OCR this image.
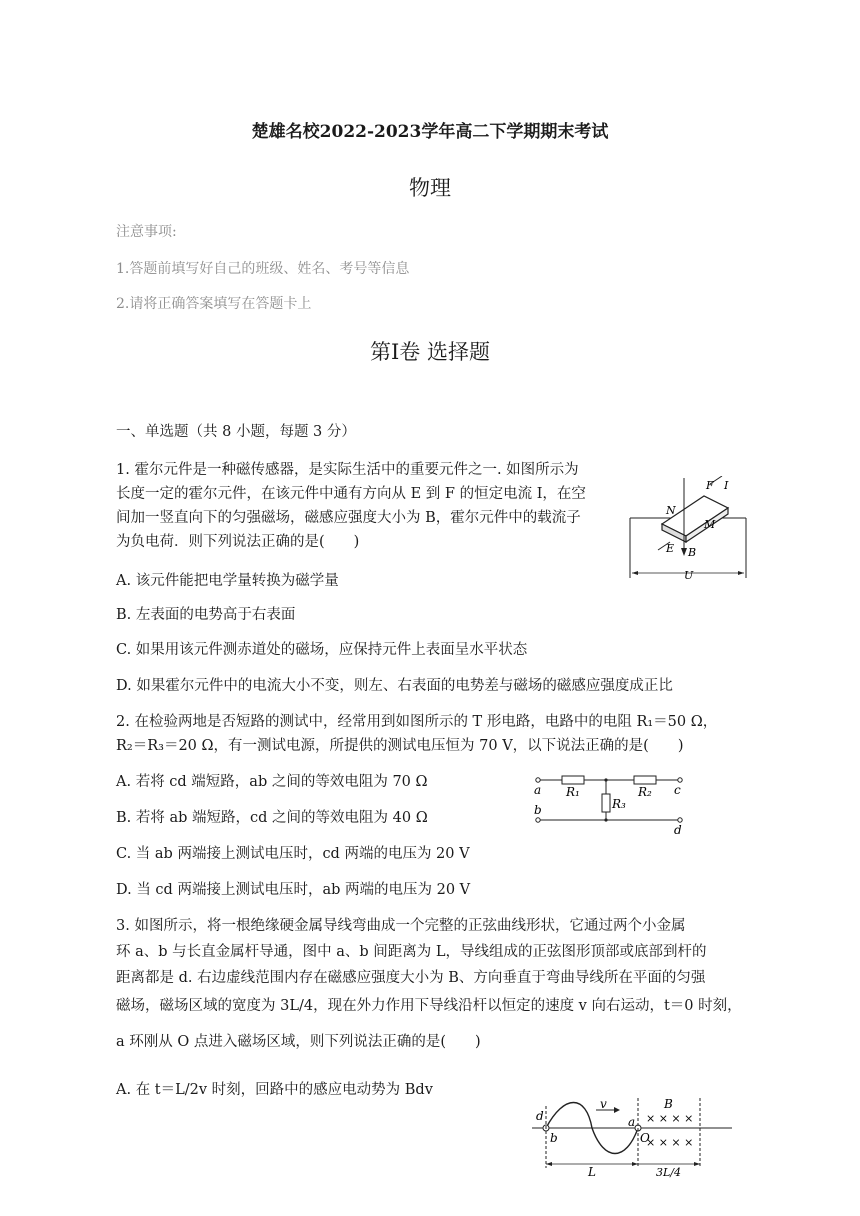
楚雄名校2022-2023学年高二下学期期末考试
物理
注意事项:
1.答题前填写好自己的班级、姓名、考号等信息
2.请将正确答案填写在答题卡上
第Ⅰ卷 选择题
一、单选题（共 8 小题，每题 3 分）
1. 霍尔元件是一种磁传感器，是实际生活中的重要元件之一. 如图所示为
长度一定的霍尔元件，在该元件中通有方向从 E 到 F 的恒定电流 I，在空
间加一竖直向下的匀强磁场，磁感应强度大小为 B，霍尔元件中的载流子
为负电荷．则下列说法正确的是(　　)
F I
N
M
E B
U
A. 该元件能把电学量转换为磁学量
B. 左表面的电势高于右表面
C. 如果用该元件测赤道处的磁场，应保持元件上表面呈水平状态
D. 如果霍尔元件中的电流大小不变，则左、右表面的电势差与磁场的磁感应强度成正比
2. 在检验两地是否短路的测试中，经常用到如图所示的 T 形电路，电路中的电阻 R₁＝50 Ω，
R₂＝R₃＝20 Ω，有一测试电源，所提供的测试电压恒为 70 V，以下说法正确的是(　　)
A. 若将 cd 端短路，ab 之间的等效电阻为 70 Ω
B. 若将 ab 端短路，cd 之间的等效电阻为 40 Ω
C. 当 ab 两端接上测试电压时，cd 两端的电压为 20 V
D. 当 cd 两端接上测试电压时，ab 两端的电压为 20 V
a	c
b
d
R₁	R₂
R₃
3. 如图所示，将一根绝缘硬金属导线弯曲成一个完整的正弦曲线形状，它通过两个小金属
环 a、b 与长直金属杆导通，图中 a、b 间距离为 L，导线组成的正弦图形顶部或底部到杆的
距离都是 d. 右边虚线范围内存在磁感应强度大小为 B、方向垂直于弯曲导线所在平面的匀强
磁场，磁场区域的宽度为 3L/4，现在外力作用下导线沿杆以恒定的速度 v 向右运动，t＝0 时刻，
a 环刚从 O 点进入磁场区域，则下列说法正确的是(　　)
A. 在 t＝L/2v 时刻，回路中的感应电动势为 Bdv
d
b
v
a
O
B
× × × ×
× × × ×
L	3L/4
